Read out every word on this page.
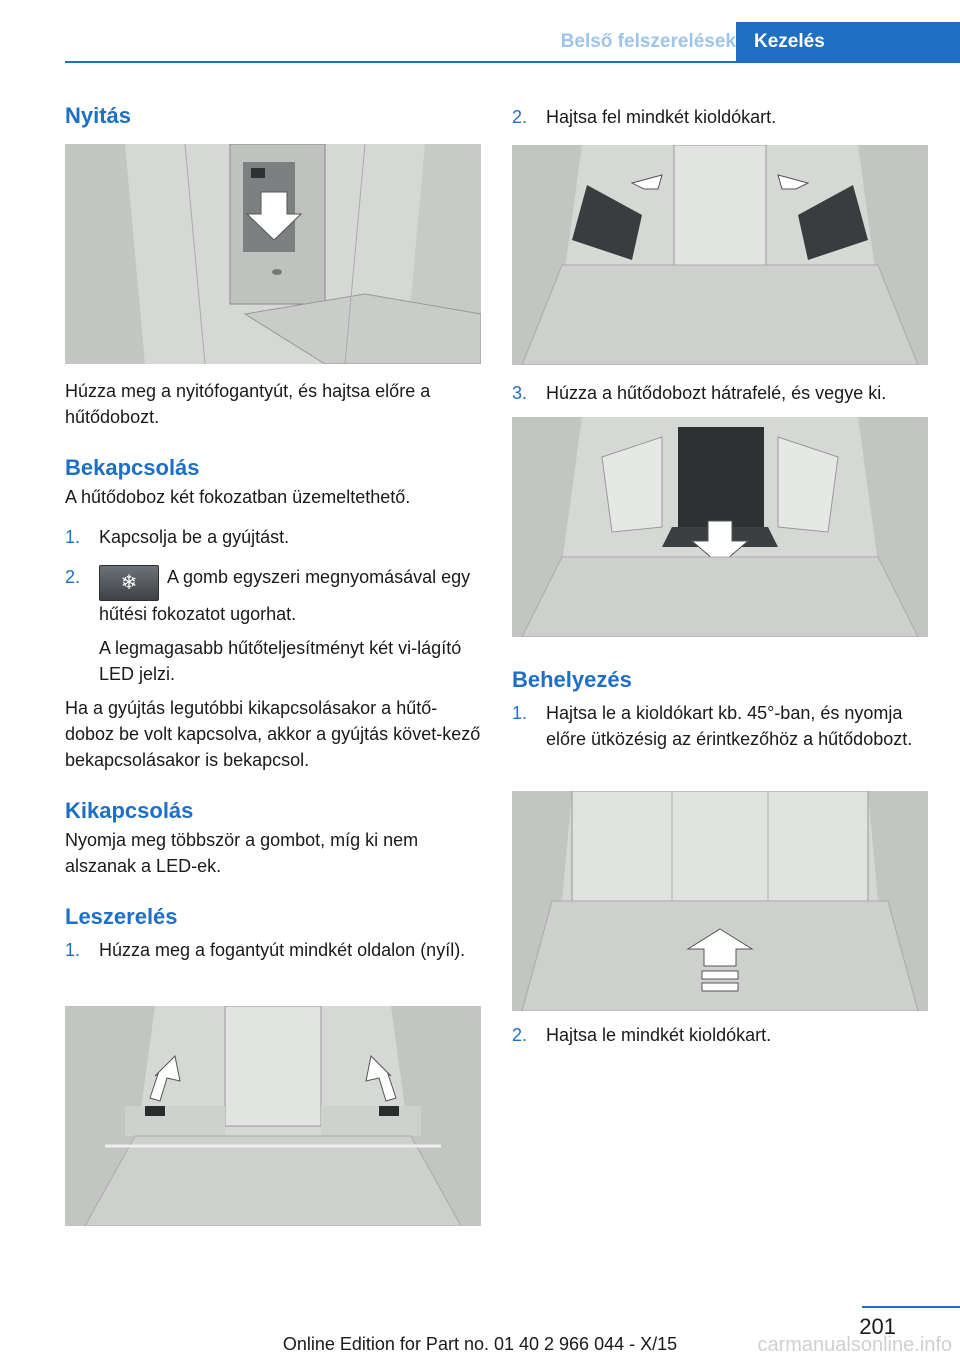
Belső felszerelések Kezelés
Nyitás

Húzza meg a nyitófogantyút, és hajtsa előre a hűtődobozt.

Bekapcsolás

A hűtődoboz két fokozatban üzemeltethető.

1. Kapcsolja be a gyújtást.
2. ❄ A gomb egyszeri megnyomásával egy hűtési fokozatot ugorhat.
A legmagasabb hűtőteljesítményt két vi-lágító LED jelzi.

Ha a gyújtás legutóbbi kikapcsolásakor a hűtő-doboz be volt kapcsolva, akkor a gyújtás követ-kező bekapcsolásakor is bekapcsol.

Kikapcsolás

Nyomja meg többször a gombot, míg ki nem alszanak a LED-ek.

Leszerelés
1. Húzza meg a fogantyút mindkét oldalon (nyíl).
2. Hajtsa fel mindkét kioldókart.
3. Húzza a hűtődobozt hátrafelé, és vegye ki.
Behelyezés
1. Hajtsa le a kioldókart kb. 45°-ban, és nyomja előre ütközésig az érintkezőhöz a hűtődobozt.
2. Hajtsa le mindkét kioldókart.
201
Online Edition for Part no. 01 40 2 966 044 - X/15	carmanualsonline.info
